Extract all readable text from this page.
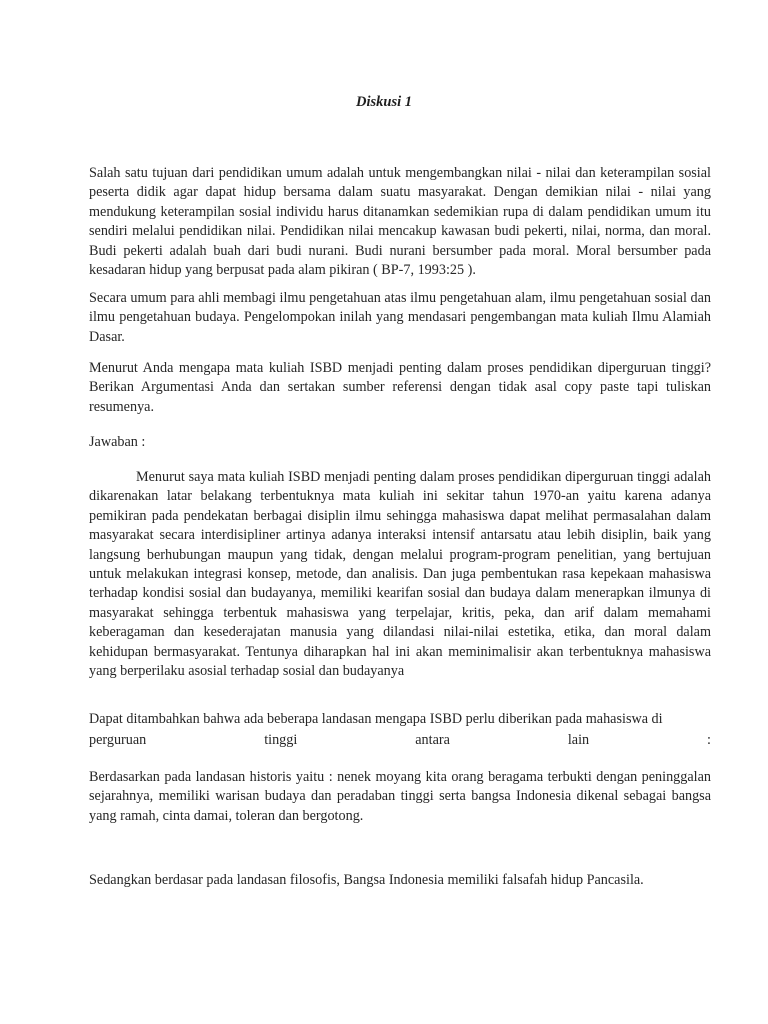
Diskusi 1

Salah satu tujuan dari pendidikan umum adalah untuk mengembangkan nilai - nilai dan keterampilan sosial peserta didik agar dapat hidup bersama dalam suatu masyarakat. Dengan demikian nilai - nilai yang mendukung keterampilan sosial individu harus ditanamkan sedemikian rupa di dalam pendidikan umum itu sendiri melalui pendidikan nilai. Pendidikan nilai mencakup kawasan budi pekerti, nilai, norma, dan moral. Budi pekerti adalah buah dari budi nurani. Budi nurani bersumber pada moral. Moral bersumber pada kesadaran hidup yang berpusat pada alam pikiran ( BP-7, 1993:25 ).

Secara umum para ahli membagi ilmu pengetahuan atas ilmu pengetahuan alam, ilmu pengetahuan sosial dan ilmu pengetahuan budaya. Pengelompokan inilah yang mendasari pengembangan mata kuliah Ilmu Alamiah Dasar.

Menurut Anda mengapa mata kuliah ISBD menjadi penting dalam proses pendidikan diperguruan tinggi? Berikan Argumentasi Anda dan sertakan sumber referensi dengan tidak asal copy paste tapi tuliskan resumenya.

Jawaban :

Menurut saya mata kuliah ISBD menjadi penting dalam proses pendidikan diperguruan tinggi adalah dikarenakan latar belakang terbentuknya mata kuliah ini sekitar tahun 1970-an yaitu karena adanya pemikiran pada pendekatan berbagai disiplin ilmu sehingga mahasiswa dapat melihat permasalahan dalam masyarakat secara interdisipliner artinya adanya interaksi intensif antarsatu atau lebih disiplin, baik yang langsung berhubungan maupun yang tidak, dengan melalui program-program penelitian, yang bertujuan untuk melakukan integrasi konsep, metode, dan analisis. Dan juga pembentukan rasa kepekaan mahasiswa terhadap kondisi sosial dan budayanya, memiliki kearifan sosial dan budaya dalam menerapkan ilmunya di masyarakat sehingga terbentuk mahasiswa yang terpelajar, kritis, peka, dan arif dalam memahami keberagaman dan kesederajatan manusia yang dilandasi nilai-nilai estetika, etika, dan moral dalam kehidupan bermasyarakat. Tentunya diharapkan hal ini akan meminimalisir akan terbentuknya mahasiswa yang berperilaku asosial terhadap sosial dan budayanya

Dapat ditambahkan bahwa ada beberapa landasan mengapa ISBD perlu diberikan pada mahasiswa di

perguruan tinggi antara lain :

Berdasarkan pada landasan historis yaitu : nenek moyang kita orang beragama terbukti dengan peninggalan sejarahnya, memiliki warisan budaya dan peradaban tinggi serta bangsa Indonesia dikenal sebagai bangsa yang ramah, cinta damai, toleran dan bergotong.

Sedangkan berdasar pada landasan filosofis, Bangsa Indonesia memiliki falsafah hidup Pancasila.
